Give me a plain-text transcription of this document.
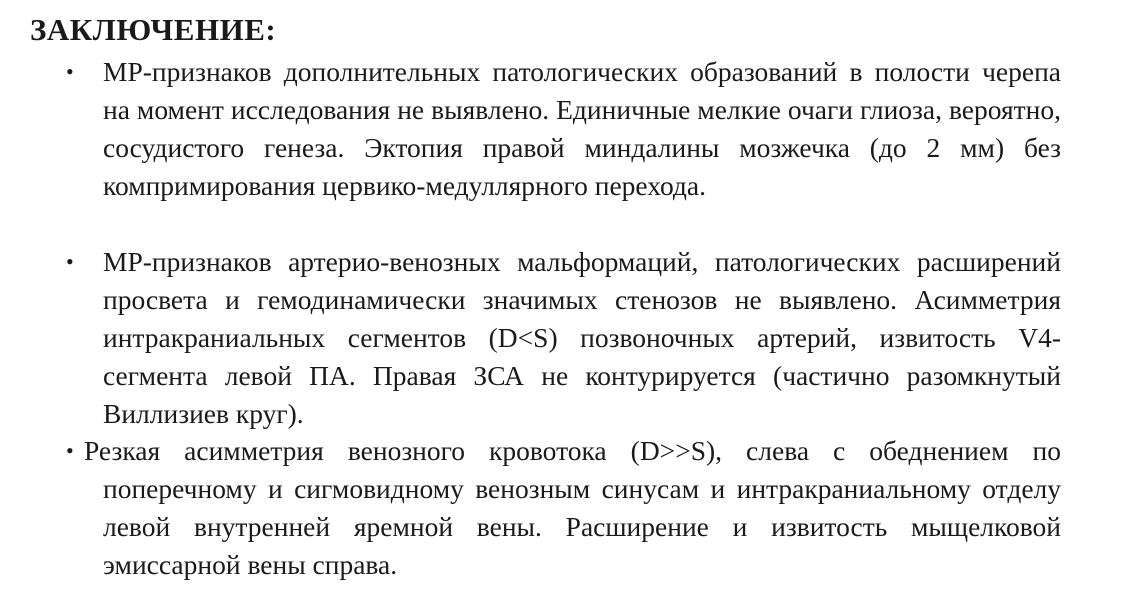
ЗАКЛЮЧЕНИЕ:
• МР-признаков дополнительных патологических образований в полости черепа на момент исследования не выявлено. Единичные мелкие очаги глиоза, вероятно, сосудистого генеза. Эктопия правой миндалины мозжечка (до 2 мм) без компримирования цервико-медуллярного перехода.
• МР-признаков артерио-венозных мальформаций, патологических расширений просвета и гемодинамически значимых стенозов не выявлено. Асимметрия интракраниальных сегментов (D<S) позвоночных артерий, извитость V4-сегмента левой ПА. Правая ЗСА не контурируется (частично разомкнутый Виллизиев круг).
• Резкая асимметрия венозного кровотока (D>>S), слева с обеднением по поперечному и сигмовидному венозным синусам и интракраниальному отделу левой внутренней яремной вены. Расширение и извитость мыщелковой эмиссарной вены справа.
